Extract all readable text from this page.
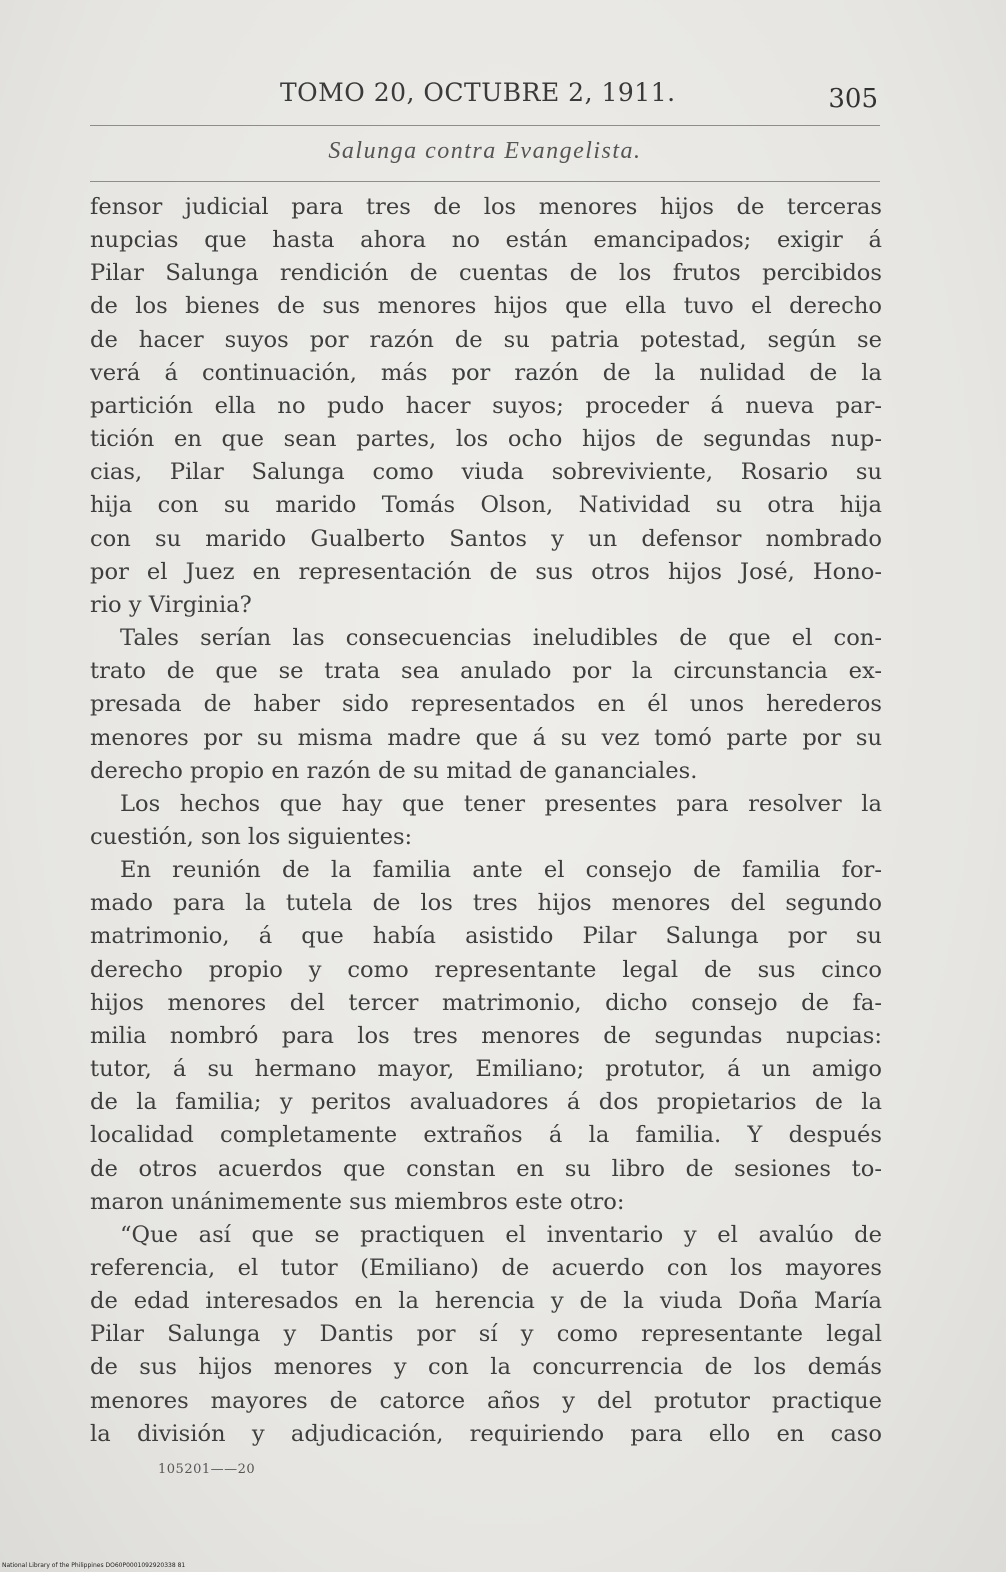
TOMO 20, OCTUBRE 2, 1911.	305
Salunga contra Evangelista.
fensor judicial para tres de los menores hijos de terceras
nupcias que hasta ahora no están emancipados; exigir á
Pilar Salunga rendición de cuentas de los frutos percibidos
de los bienes de sus menores hijos que ella tuvo el derecho
de hacer suyos por razón de su patria potestad, según se
verá á continuación, más por razón de la nulidad de la
partición ella no pudo hacer suyos; proceder á nueva par-
tición en que sean partes, los ocho hijos de segundas nup-
cias, Pilar Salunga como viuda sobreviviente, Rosario su
hija con su marido Tomás Olson, Natividad su otra hija
con su marido Gualberto Santos y un defensor nombrado
por el Juez en representación de sus otros hijos José, Hono-
rio y Virginia?
Tales serían las consecuencias ineludibles de que el con-
trato de que se trata sea anulado por la circunstancia ex-
presada de haber sido representados en él unos herederos
menores por su misma madre que á su vez tomó parte por su
derecho propio en razón de su mitad de gananciales.
Los hechos que hay que tener presentes para resolver la
cuestión, son los siguientes:
En reunión de la familia ante el consejo de familia for-
mado para la tutela de los tres hijos menores del segundo
matrimonio, á que había asistido Pilar Salunga por su
derecho propio y como representante legal de sus cinco
hijos menores del tercer matrimonio, dicho consejo de fa-
milia nombró para los tres menores de segundas nupcias:
tutor, á su hermano mayor, Emiliano; protutor, á un amigo
de la familia; y peritos avaluadores á dos propietarios de la
localidad completamente extraños á la familia. Y después
de otros acuerdos que constan en su libro de sesiones to-
maron unánimemente sus miembros este otro:
“Que así que se practiquen el inventario y el avalúo de
referencia, el tutor (Emiliano) de acuerdo con los mayores
de edad interesados en la herencia y de la viuda Doña María
Pilar Salunga y Dantis por sí y como representante legal
de sus hijos menores y con la concurrencia de los demás
menores mayores de catorce años y del protutor practique
la división y adjudicación, requiriendo para ello en caso
105201——20
National Library of the Philippines DO60P0001092920338 81
